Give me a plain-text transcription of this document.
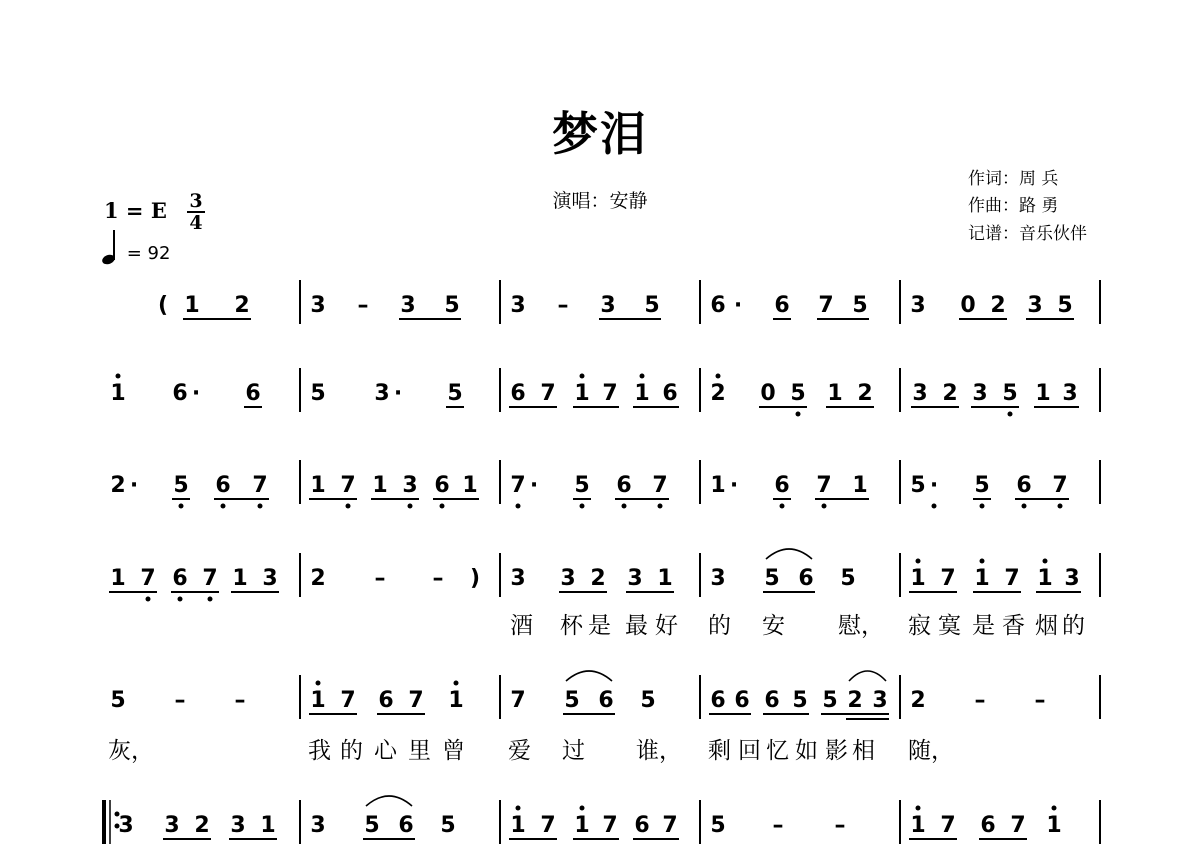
梦泪
演唱：安静
作词：周 兵
作曲：路 勇
记谱：音乐伙伴
1 = E 3
4
= 92
( 1 2	3 – 3 5 3 – 3 5 6 · 6 7 5 3 0 2 3 5
1 6 · 6 5 3 · 5 6 7 1 7 1 6 2 0 5 1 2 3 2 3 5 1 3
2 · 5 6 7 1 7 1 3 6 1 7 · 5 6 7 1 · 6 7 1 5 · 5 6 7
)
1 7 6 7 1 3 2 – –	3 3 2 3 1 3 5 6 5 1 7 1 7 1 3
酒 杯 是 最 好 的 安 慰， 寂 寞 是 香 烟 的
5 – –	1 7 6 7 1 7 5 6 5 6 6 6 5 5 2 3 2 – –
灰，	我 的 心 里 曾 爱 过 谁， 剩 回 忆 如 影 相 随，
3 3 2 3 1 3 5 6 5 1 7 1 7 6 7 5 – –	1 7 6 7 1
